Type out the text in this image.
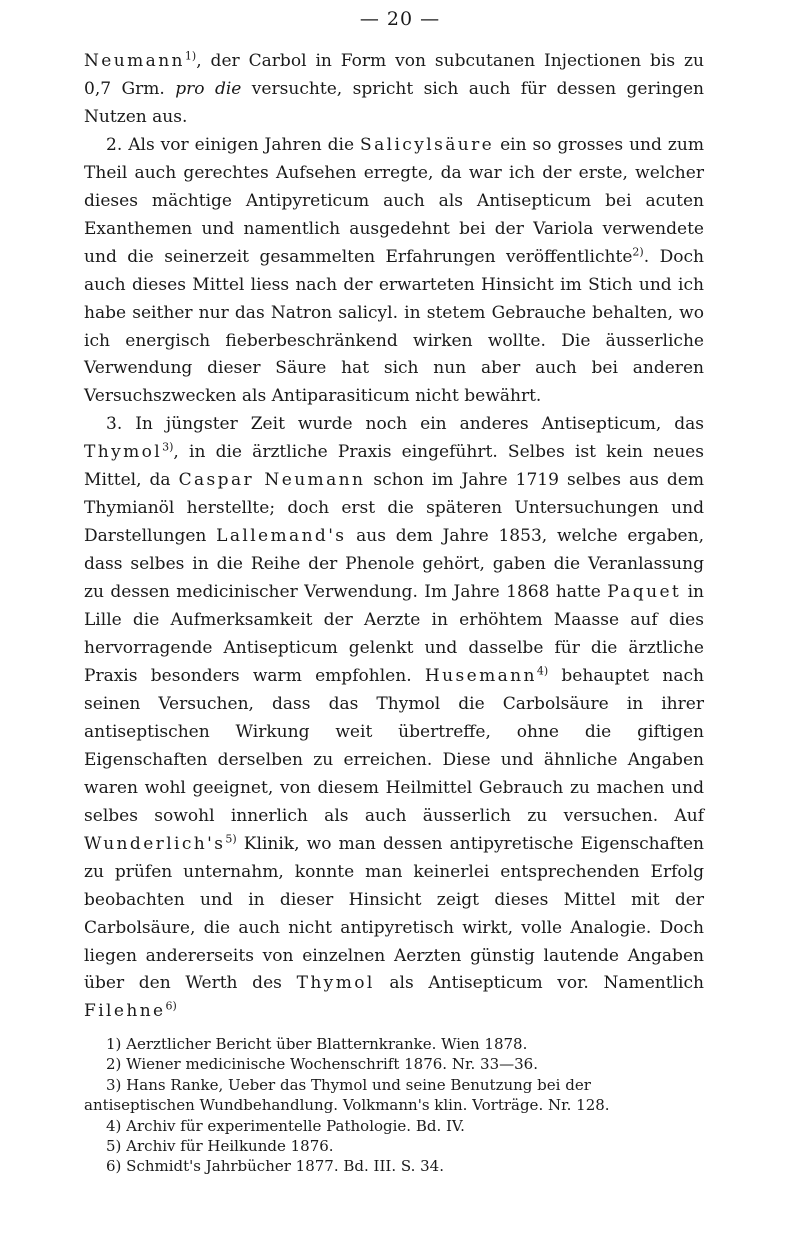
— 20 —

Neumann$^{1)}$, der Carbol in Form von subcutanen Injectionen bis zu 0,7 Grm. pro die versuchte, spricht sich auch für dessen geringen Nutzen aus.

2. Als vor einigen Jahren die Salicylsäure ein so grosses und zum Theil auch gerechtes Aufsehen erregte, da war ich der erste, welcher dieses mächtige Antipyreticum auch als Antisepticum bei acuten Exanthemen und namentlich ausgedehnt bei der Variola verwendete und die seinerzeit gesammelten Erfahrungen veröffentlichte$^{2)}$. Doch auch dieses Mittel liess nach der erwarteten Hinsicht im Stich und ich habe seither nur das Natron salicyl. in stetem Gebrauche behalten, wo ich energisch fieberbeschränkend wirken wollte. Die äusserliche Verwendung dieser Säure hat sich nun aber auch bei anderen Versuchszwecken als Antiparasiticum nicht bewährt.

3. In jüngster Zeit wurde noch ein anderes Antisepticum, das Thymol$^{3)}$, in die ärztliche Praxis eingeführt. Selbes ist kein neues Mittel, da Caspar Neumann schon im Jahre 1719 selbes aus dem Thymianöl herstellte; doch erst die späteren Untersuchungen und Darstellungen Lallemand's aus dem Jahre 1853, welche ergaben, dass selbes in die Reihe der Phenole gehört, gaben die Veranlassung zu dessen medicinischer Verwendung. Im Jahre 1868 hatte Paquet in Lille die Aufmerksamkeit der Aerzte in erhöhtem Maasse auf dies hervorragende Antisepticum gelenkt und dasselbe für die ärztliche Praxis besonders warm empfohlen. Husemann$^{4)}$ behauptet nach seinen Versuchen, dass das Thymol die Carbolsäure in ihrer antiseptischen Wirkung weit übertreffe, ohne die giftigen Eigenschaften derselben zu erreichen. Diese und ähnliche Angaben waren wohl geeignet, von diesem Heilmittel Gebrauch zu machen und selbes sowohl innerlich als auch äusserlich zu versuchen. Auf $Wunderlich's^{5)}$ Klinik, wo man dessen antipyretische Eigenschaften zu prüfen unternahm, konnte man keinerlei entsprechenden Erfolg beobachten und in dieser Hinsicht zeigt dieses Mittel mit der Carbolsäure, die auch nicht antipyretisch wirkt, volle Analogie. Doch liegen andererseits von einzelnen Aerzten günstig lautende Angaben über den Werth des Thymol als Antisepticum vor. Namentlich Filehne$^{6)}$

1) Aerztlicher Bericht über Blatternkranke. Wien 1878.

2) Wiener medicinische Wochenschrift 1876. Nr. 33—36.

3) Hans Ranke, Ueber das Thymol und seine Benutzung bei der antiseptischen Wundbehandlung. Volkmann's klin. Vorträge. Nr. 128.

4) Archiv für experimentelle Pathologie. Bd. IV.

5) Archiv für Heilkunde 1876.

6) Schmidt's Jahrbücher 1877. Bd. III. S. 34.
